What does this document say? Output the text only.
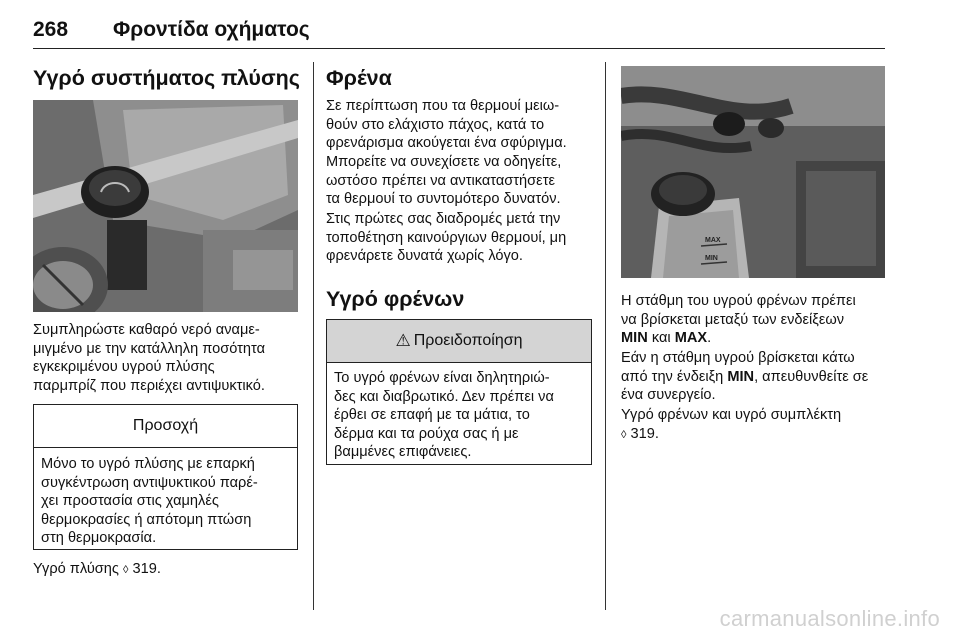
268 Φροντίδα οχήματος
Υγρό συστήματος πλύσης

Συμπληρώστε καθαρό νερό αναμε-
μιγμένο με την κατάλληλη ποσότητα
εγκεκριμένου υγρού πλύσης
παρμπρίζ που περιέχει αντιψυκτικό.

Προσοχή
Μόνο το υγρό πλύσης με επαρκή
συγκέντρωση αντιψυκτικού παρέ-
χει προστασία στις χαμηλές
θερμοκρασίες ή απότομη πτώση
στη θερμοκρασία.

Υγρό πλύσης ◊ 319.

Φρένα

Σε περίπτωση που τα θερμουί μειω-
θούν στο ελάχιστο πάχος, κατά το
φρενάρισμα ακούγεται ένα σφύριγμα.

Μπορείτε να συνεχίσετε να οδηγείτε,
ωστόσο πρέπει να αντικαταστήσετε
τα θερμουί το συντομότερο δυνατόν.

Στις πρώτες σας διαδρομές μετά την
τοποθέτηση καινούργιων θερμουί, μη
φρενάρετε δυνατά χωρίς λόγο.

Υγρό φρένων
⚠ Προειδοποίηση
Το υγρό φρένων είναι δηλητηριώ-
δες και διαβρωτικό. Δεν πρέπει να
έρθει σε επαφή με τα μάτια, το
δέρμα και τα ρούχα σας ή με
βαμμένες επιφάνειες.
MAX
MIN

Η στάθμη του υγρού φρένων πρέπει
να βρίσκεται μεταξύ των ενδείξεων
MIN και MAX.

Εάν η στάθμη υγρού βρίσκεται κάτω
από την ένδειξη MIN, απευθυνθείτε σε
ένα συνεργείο.

Υγρό φρένων και υγρό συμπλέκτη
◊ 319.

carmanualsonline.info
